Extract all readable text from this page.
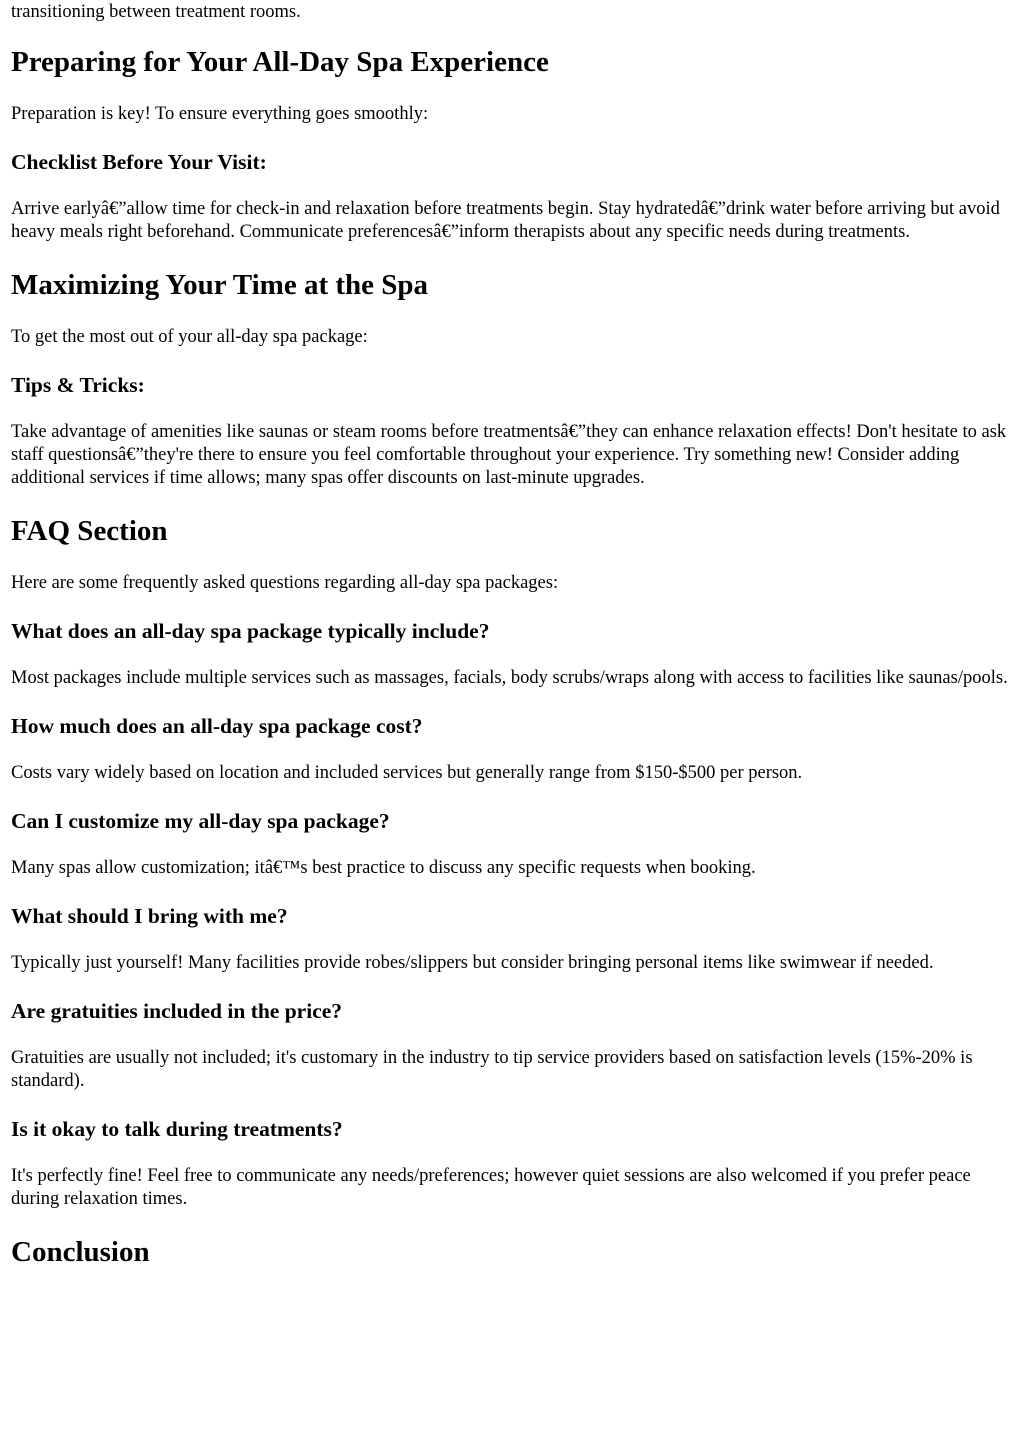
transitioning between treatment rooms.

Preparing for Your All-Day Spa Experience

Preparation is key! To ensure everything goes smoothly:

Checklist Before Your Visit:

Arrive earlyâ€”allow time for check-in and relaxation before treatments begin. Stay hydratedâ€”drink water before arriving but avoid heavy meals right beforehand. Communicate preferencesâ€”inform therapists about any specific needs during treatments.

Maximizing Your Time at the Spa

To get the most out of your all-day spa package:

Tips & Tricks:

Take advantage of amenities like saunas or steam rooms before treatmentsâ€”they can enhance relaxation effects! Don't hesitate to ask staff questionsâ€”they're there to ensure you feel comfortable throughout your experience. Try something new! Consider adding additional services if time allows; many spas offer discounts on last-minute upgrades.

FAQ Section

Here are some frequently asked questions regarding all-day spa packages:

What does an all-day spa package typically include?

Most packages include multiple services such as massages, facials, body scrubs/wraps along with access to facilities like saunas/pools.

How much does an all-day spa package cost?

Costs vary widely based on location and included services but generally range from $150-$500 per person.

Can I customize my all-day spa package?

Many spas allow customization; itâ€™s best practice to discuss any specific requests when booking.

What should I bring with me?

Typically just yourself! Many facilities provide robes/slippers but consider bringing personal items like swimwear if needed.

Are gratuities included in the price?

Gratuities are usually not included; it's customary in the industry to tip service providers based on satisfaction levels (15%-20% is standard).

Is it okay to talk during treatments?

It's perfectly fine! Feel free to communicate any needs/preferences; however quiet sessions are also welcomed if you prefer peace during relaxation times.

Conclusion
